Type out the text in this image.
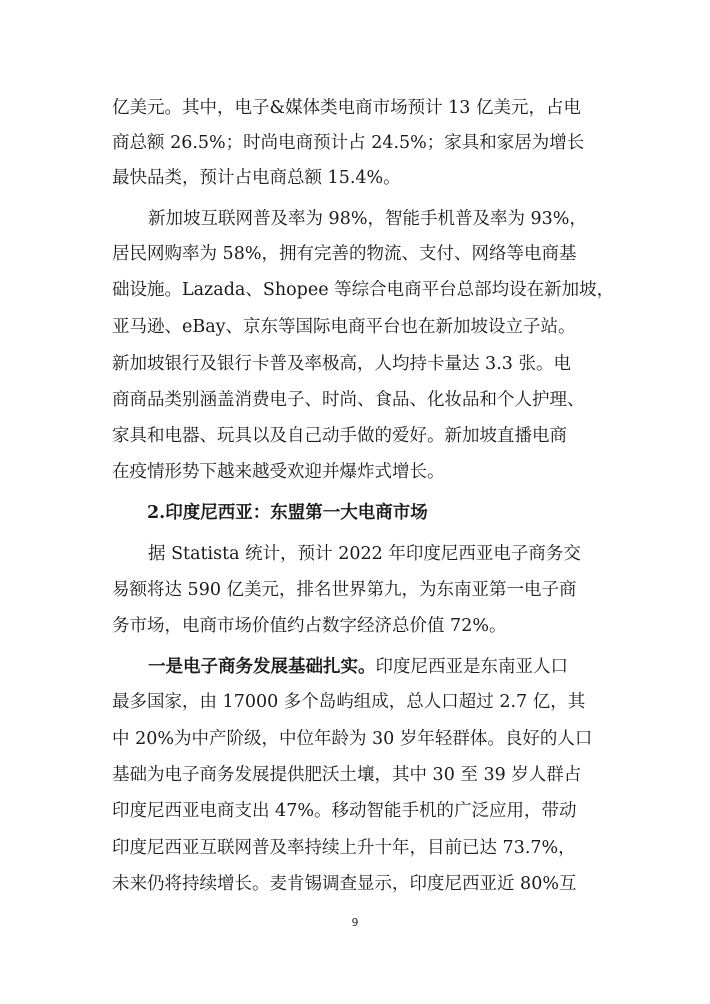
亿美元。其中，电子&媒体类电商市场预计 13 亿美元，占电
商总额 26.5%；时尚电商预计占 24.5%；家具和家居为增长
最快品类，预计占电商总额 15.4%。
新加坡互联网普及率为 98%，智能手机普及率为 93%，
居民网购率为 58%，拥有完善的物流、支付、网络等电商基
础设施。Lazada、Shopee 等综合电商平台总部均设在新加坡，
亚马逊、eBay、京东等国际电商平台也在新加坡设立子站。
新加坡银行及银行卡普及率极高，人均持卡量达 3.3 张。电
商商品类别涵盖消费电子、时尚、食品、化妆品和个人护理、
家具和电器、玩具以及自己动手做的爱好。新加坡直播电商
在疫情形势下越来越受欢迎并爆炸式增长。
2.印度尼西亚：东盟第一大电商市场
据 Statista 统计，预计 2022 年印度尼西亚电子商务交
易额将达 590 亿美元，排名世界第九，为东南亚第一电子商
务市场，电商市场价值约占数字经济总价值 72%。
一是电子商务发展基础扎实。印度尼西亚是东南亚人口
最多国家，由 17000 多个岛屿组成，总人口超过 2.7 亿，其
中 20%为中产阶级，中位年龄为 30 岁年轻群体。良好的人口
基础为电子商务发展提供肥沃土壤，其中 30 至 39 岁人群占
印度尼西亚电商支出 47%。移动智能手机的广泛应用，带动
印度尼西亚互联网普及率持续上升十年，目前已达 73.7%，
未来仍将持续增长。麦肯锡调查显示，印度尼西亚近 80%互
9
